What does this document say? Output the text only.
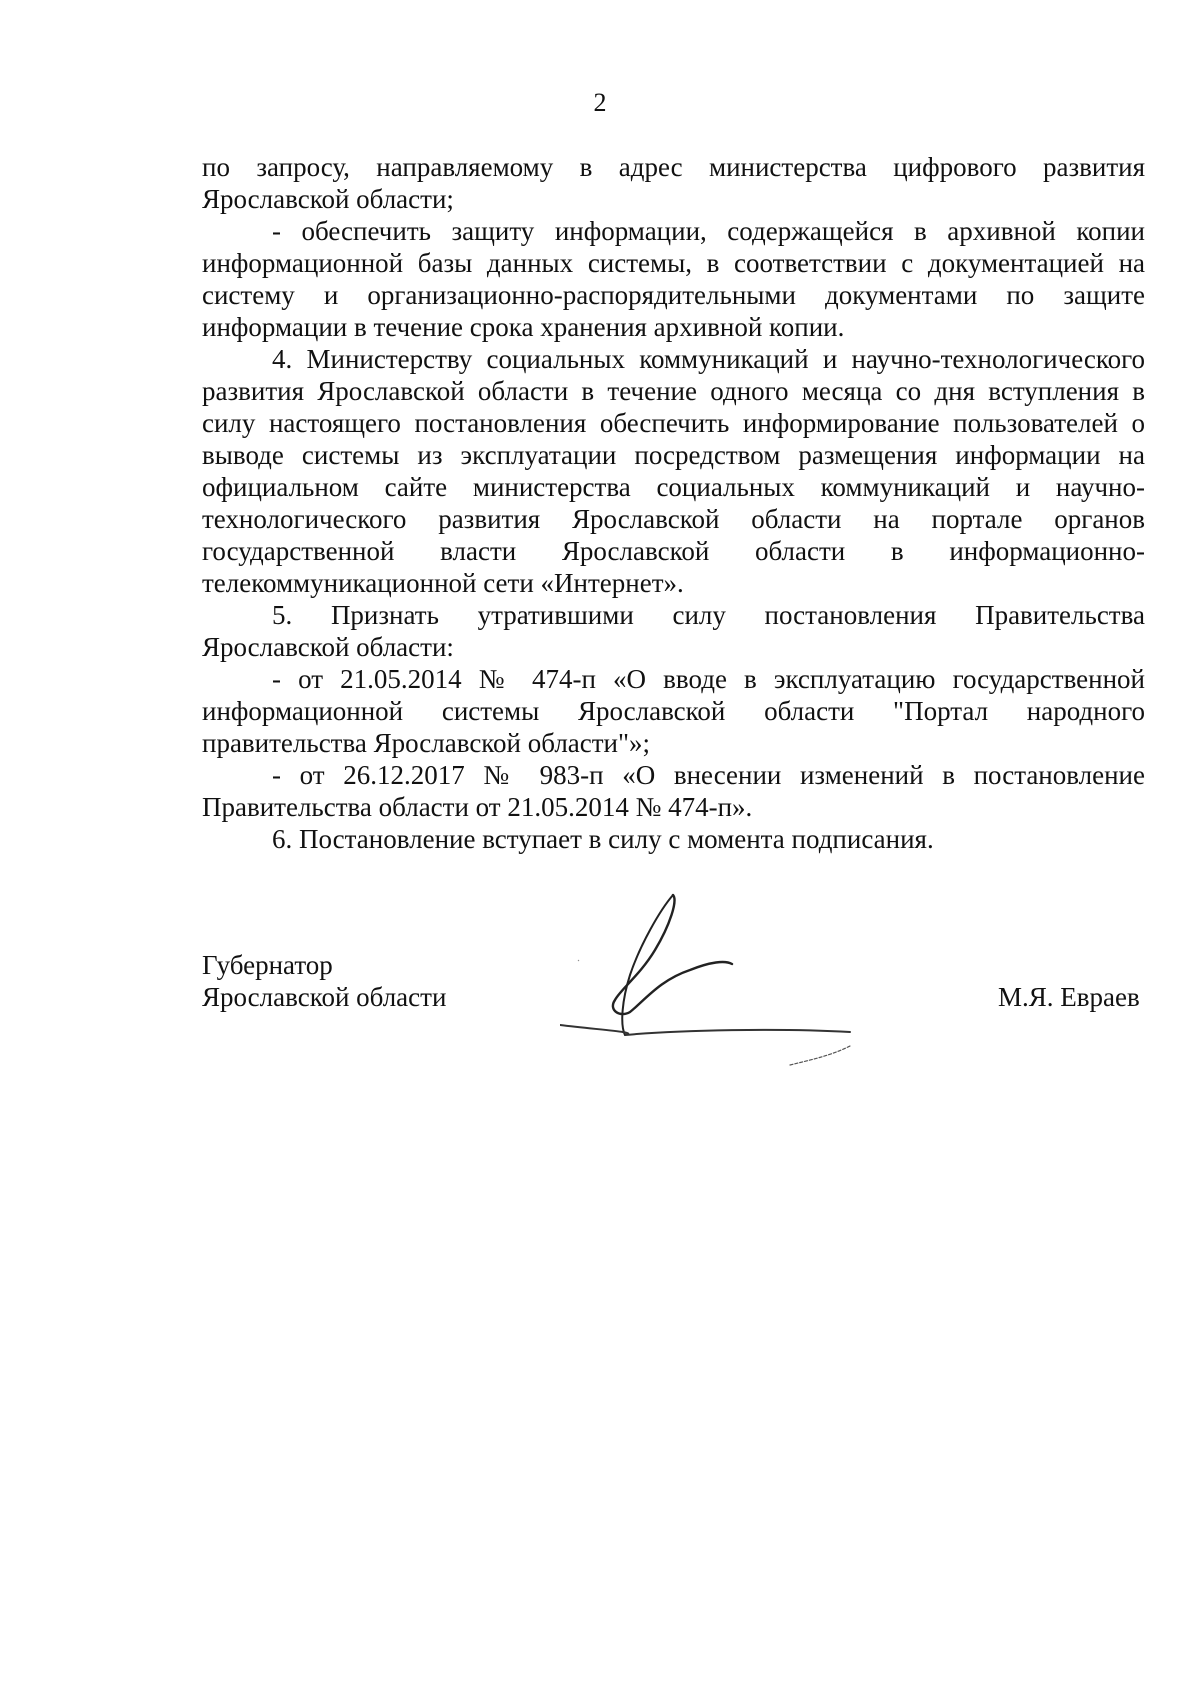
2
по запросу, направляемому в адрес министерства цифрового развития
Ярославской области;
- обеспечить защиту информации, содержащейся в архивной копии
информационной базы данных системы, в соответствии с документацией на
систему и организационно-распорядительными документами по защите
информации в течение срока хранения архивной копии.
4. Министерству социальных коммуникаций и научно-технологического
развития Ярославской области в течение одного месяца со дня вступления в
силу настоящего постановления обеспечить информирование пользователей о
выводе системы из эксплуатации посредством размещения информации на
официальном сайте министерства социальных коммуникаций и научно-
технологического развития Ярославской области на портале органов
государственной власти Ярославской области в информационно-
телекоммуникационной сети «Интернет».
5. Признать утратившими силу постановления Правительства
Ярославской области:
- от 21.05.2014 № 474-п «О вводе в эксплуатацию государственной
информационной системы Ярославской области "Портал народного
правительства Ярославской области"»;
- от 26.12.2017 № 983-п «О внесении изменений в постановление
Правительства области от 21.05.2014 № 474-п».
6. Постановление вступает в силу с момента подписания.
Губернатор
Ярославской области	М.Я. Евраев
